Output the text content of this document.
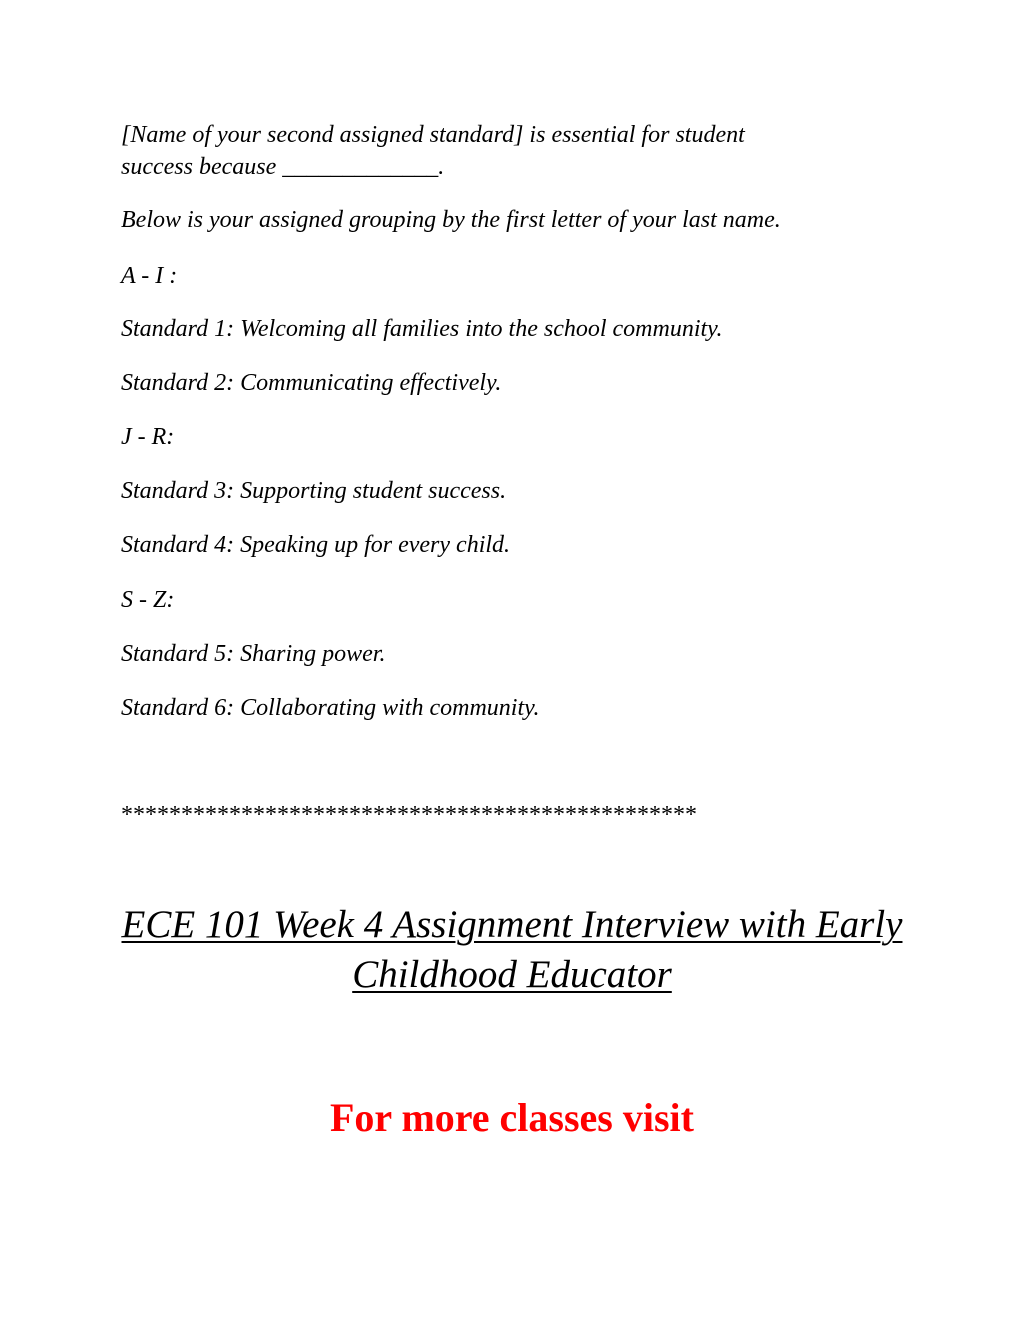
[Name of your second assigned standard] is essential for student
success because _____________.
Below is your assigned grouping by the first letter of your last name.
A - I :
Standard 1: Welcoming all families into the school community.
Standard 2: Communicating effectively.
J - R:
Standard 3: Supporting student success.
Standard 4: Speaking up for every child.
S - Z:
Standard 5: Sharing power.
Standard 6: Collaborating with community.
************************************************
ECE 101 Week 4 Assignment Interview with Early
Childhood Educator
For more classes visit
